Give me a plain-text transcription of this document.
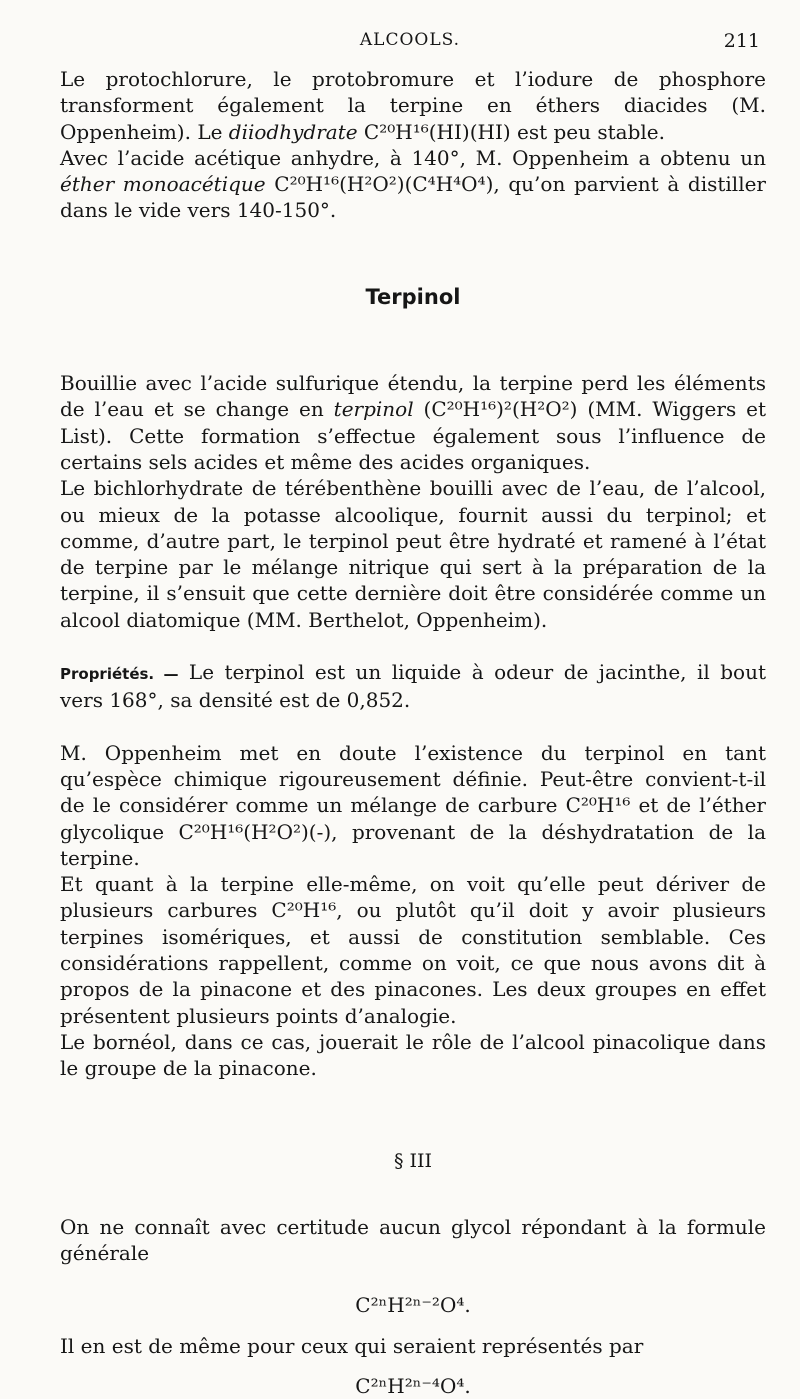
ALCOOLS.	211

Le protochlorure, le protobromure et l’iodure de phosphore transforment également la terpine en éthers diacides (M. Oppenheim). Le diiodhydrate C²⁰H¹⁶(HI)(HI) est peu stable.

Avec l’acide acétique anhydre, à 140°, M. Oppenheim a obtenu un éther monoacétique C²⁰H¹⁶(H²O²)(C⁴H⁴O⁴), qu’on parvient à distiller dans le vide vers 140-150°.

Terpinol

Bouillie avec l’acide sulfurique étendu, la terpine perd les éléments de l’eau et se change en terpinol (C²⁰H¹⁶)²(H²O²) (MM. Wiggers et List). Cette formation s’effectue également sous l’influence de certains sels acides et même des acides organiques.

Le bichlorhydrate de térébenthène bouilli avec de l’eau, de l’alcool, ou mieux de la potasse alcoolique, fournit aussi du terpinol; et comme, d’autre part, le terpinol peut être hydraté et ramené à l’état de terpine par le mélange nitrique qui sert à la préparation de la terpine, il s’ensuit que cette dernière doit être considérée comme un alcool diatomique (MM. Berthelot, Oppenheim).

Propriétés. — Le terpinol est un liquide à odeur de jacinthe, il bout vers 168°, sa densité est de 0,852.

M. Oppenheim met en doute l’existence du terpinol en tant qu’espèce chimique rigoureusement définie. Peut-être convient-t-il de le considérer comme un mélange de carbure C²⁰H¹⁶ et de l’éther glycolique C²⁰H¹⁶(H²O²)(-), provenant de la déshydratation de la terpine.

Et quant à la terpine elle-même, on voit qu’elle peut dériver de plusieurs carbures C²⁰H¹⁶, ou plutôt qu’il doit y avoir plusieurs terpines isomériques, et aussi de constitution semblable. Ces considérations rappellent, comme on voit, ce que nous avons dit à propos de la pinacone et des pinacones. Les deux groupes en effet présentent plusieurs points d’analogie.

Le bornéol, dans ce cas, jouerait le rôle de l’alcool pinacolique dans le groupe de la pinacone.

§ III

On ne connaît avec certitude aucun glycol répondant à la formule générale

C²ⁿH²ⁿ⁻²O⁴.

Il en est de même pour ceux qui seraient représentés par

C²ⁿH²ⁿ⁻⁴O⁴.
